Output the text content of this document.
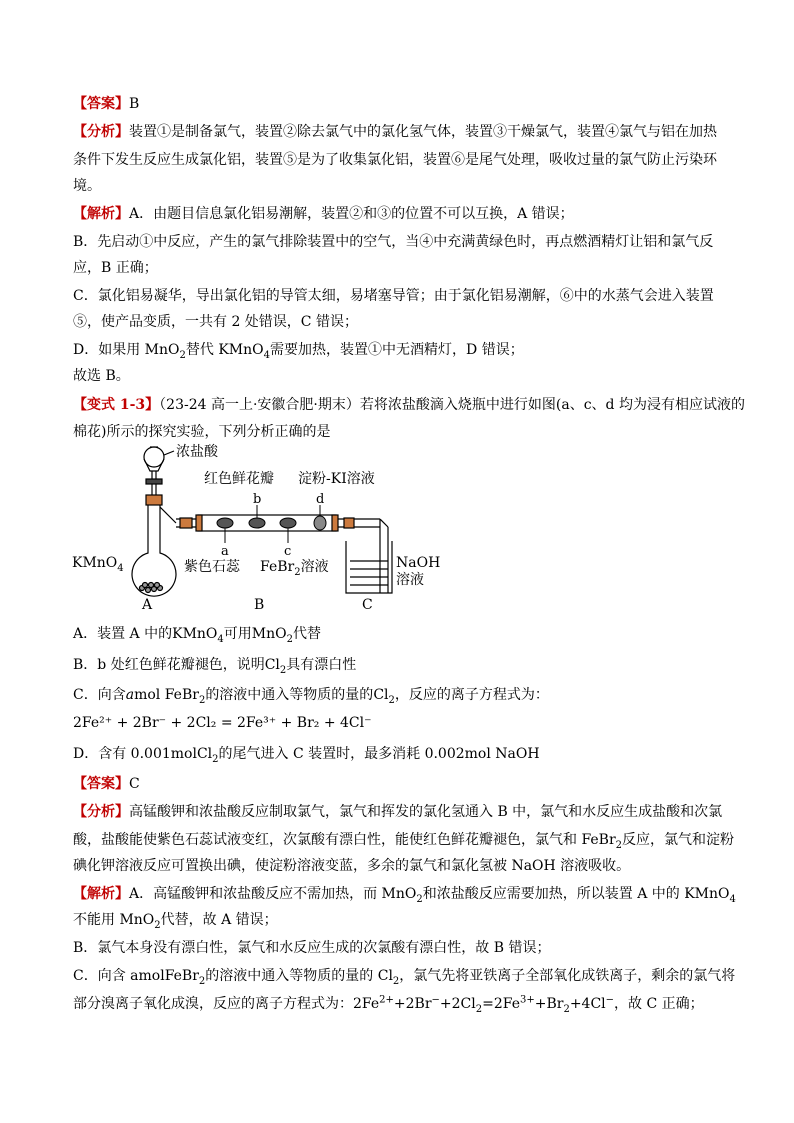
【答案】B
【分析】装置①是制备氯气，装置②除去氯气中的氯化氢气体，装置③干燥氯气，装置④氯气与铝在加热
条件下发生反应生成氯化铝，装置⑤是为了收集氯化铝，装置⑥是尾气处理，吸收过量的氯气防止污染环
境。
【解析】A．由题目信息氯化铝易潮解，装置②和③的位置不可以互换，A 错误；
B．先启动①中反应，产生的氯气排除装置中的空气，当④中充满黄绿色时，再点燃酒精灯让铝和氯气反
应，B 正确；
C．氯化铝易凝华，导出氯化铝的导管太细，易堵塞导管；由于氯化铝易潮解，⑥中的水蒸气会进入装置
⑤，使产品变质，一共有 2 处错误，C 错误；
D．如果用 MnO$_2$替代 KMnO$_4$需要加热，装置①中无酒精灯，D 错误；
故选 B。
【变式 1-3】（23-24 高一上·安徽合肥·期末）若将浓盐酸滴入烧瓶中进行如图(a、c、d 均为浸有相应试液的
棉花)所示的探究实验，下列分析正确的是
浓盐酸
KMnO$_4$
A
红色鲜花瓣 淀粉-KI溶液
b	d
a	c
紫色石蕊 FeBr$_2$溶液
B
NaOH
溶液
C
A．装置 A 中的KMnO$_4$可用MnO$_2$代替
B．b 处红色鲜花瓣褪色，说明$Cl_2$具有漂白性
C．向含amol FeBr$_2$的溶液中通入等物质的量的$Cl_2$，反应的离子方程式为：
2Fe²⁺ + 2Br⁻ + 2Cl₂ = 2Fe³⁺ + Br₂ + 4Cl⁻
D．含有 0.001molCl$_2$的尾气进入 C 装置时，最多消耗 0.002mol NaOH
【答案】C
【分析】高锰酸钾和浓盐酸反应制取氯气，氯气和挥发的氯化氢通入 B 中，氯气和水反应生成盐酸和次氯
酸，盐酸能使紫色石蕊试液变红，次氯酸有漂白性，能使红色鲜花瓣褪色，氯气和 FeBr$_2$反应，氯气和淀粉
碘化钾溶液反应可置换出碘，使淀粉溶液变蓝，多余的氯气和氯化氢被 NaOH 溶液吸收。
【解析】A．高锰酸钾和浓盐酸反应不需加热，而 MnO$_2$和浓盐酸反应需要加热，所以装置 A 中的 KMnO$_4$
不能用 MnO$_2$代替，故 A 错误；
B．氯气本身没有漂白性，氯气和水反应生成的次氯酸有漂白性，故 B 错误；
C．向含 amolFeBr$_2$的溶液中通入等物质的量的 $Cl_2$，氯气先将亚铁离子全部氧化成铁离子，剩余的氯气将
部分溴离子氧化成溴，反应的离子方程式为：$2Fe^{2+}+2Br^-+2Cl_2=2Fe^{3+}+Br_2+4Cl^-$，故 C 正确；
